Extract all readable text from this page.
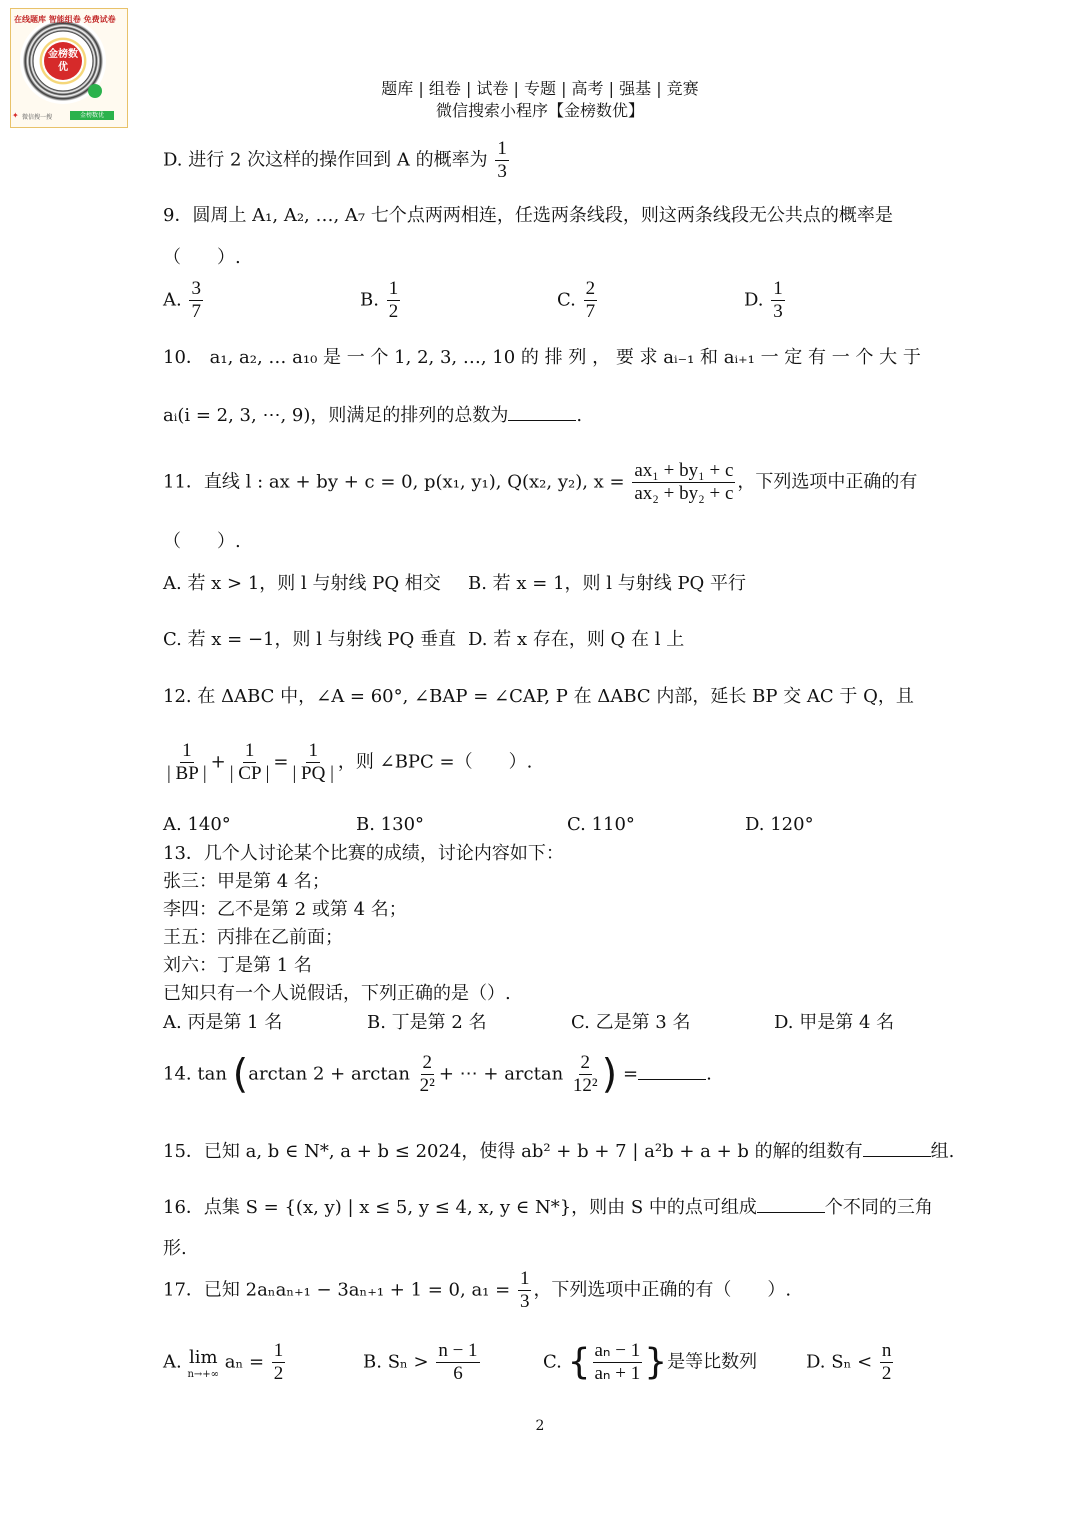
在线题库 智能组卷 免费试卷
金榜数优
✦ 微信搜一搜	金榜数优
题库 | 组卷 | 试卷 | 专题 | 高考 | 强基 | 竞赛
微信搜索小程序【金榜数优】
D. 进行 2 次这样的操作回到 A 的概率为 $\frac{1}{3}$
9．圆周上 A₁, A₂, …, A₇ 七个点两两相连，任选两条线段，则这两条线段无公共点的概率是
（　　）.
A. $\frac{3}{7}$	B. $\frac{1}{2}$	C. $\frac{2}{7}$	D. $\frac{1}{3}$
10． a₁, a₂, … a₁₀ 是 一 个 1, 2, 3, …, 10 的 排 列 ， 要 求 aᵢ₋₁ 和 aᵢ₊₁ 一 定 有 一 个 大 于
aᵢ(i = 2, 3, ⋯, 9)，则满足的排列的总数为	.
11．直线 l : ax + by + c = 0, p(x₁, y₁), Q(x₂, y₂), $x = \frac{\text{ax₁ + by₁ + c}}{\text{ax₂ + by₂ + c}}$ ，下列选项中正确的有
（　　）.
A. 若 x > 1，则 l 与射线 PQ 相交 B. 若 x = 1，则 l 与射线 PQ 平行
C. 若 x = −1，则 l 与射线 PQ 垂直 D. 若 x 存在，则 Q 在 l 上
12. 在 ΔABC 中，∠A = 60°, ∠BAP = ∠CAP, P 在 ΔABC 内部，延长 BP 交 AC 于 Q，且
$\frac{1}{| BP |} + \frac{1}{| CP |} = \frac{1}{| PQ |}$ ，则 ∠BPC =（　　）.
A. 140°	B. 130°	C. 110°	D. 120°
13．几个人讨论某个比赛的成绩，讨论内容如下：
张三：甲是第 4 名；
李四：乙不是第 2 或第 4 名；
王五：丙排在乙前面；
刘六：丁是第 1 名
已知只有一个人说假话，下列正确的是（）.
A. 丙是第 1 名	B. 丁是第 2 名	C. 乙是第 3 名	D. 甲是第 4 名
14. tan (arctan $2 + \arctan \frac{2}{\text{2²}}$ + ⋯ + $\arctan \frac{2}{\text{12²}}$ ) =	.
15．已知 a, b ∈ N*, a + b ≤ 2024，使得 ab² + b + 7 | a²b + a + b 的解的组数有	组.
16．点集 S = {(x, y) | x ≤ 5, y ≤ 4, x, y ∈ N*}，则由 S 中的点可组成	个不同的三角
形.
17．已知 2aₙaₙ₊₁ − 3aₙ₊₁ + 1 = 0, $a_1 = \frac{1}{3}$ ，下列选项中正确的有（　　）.
A. lim
n→+∞
$a_n = \frac{1}{2}$	B. $S_n > \frac{n - 1}{6}$	C. { $\frac{\text{aₙ − 1}}{\text{aₙ + 1}}$ }是等比数列	D. $S_n < \frac{n}{2}$
2
